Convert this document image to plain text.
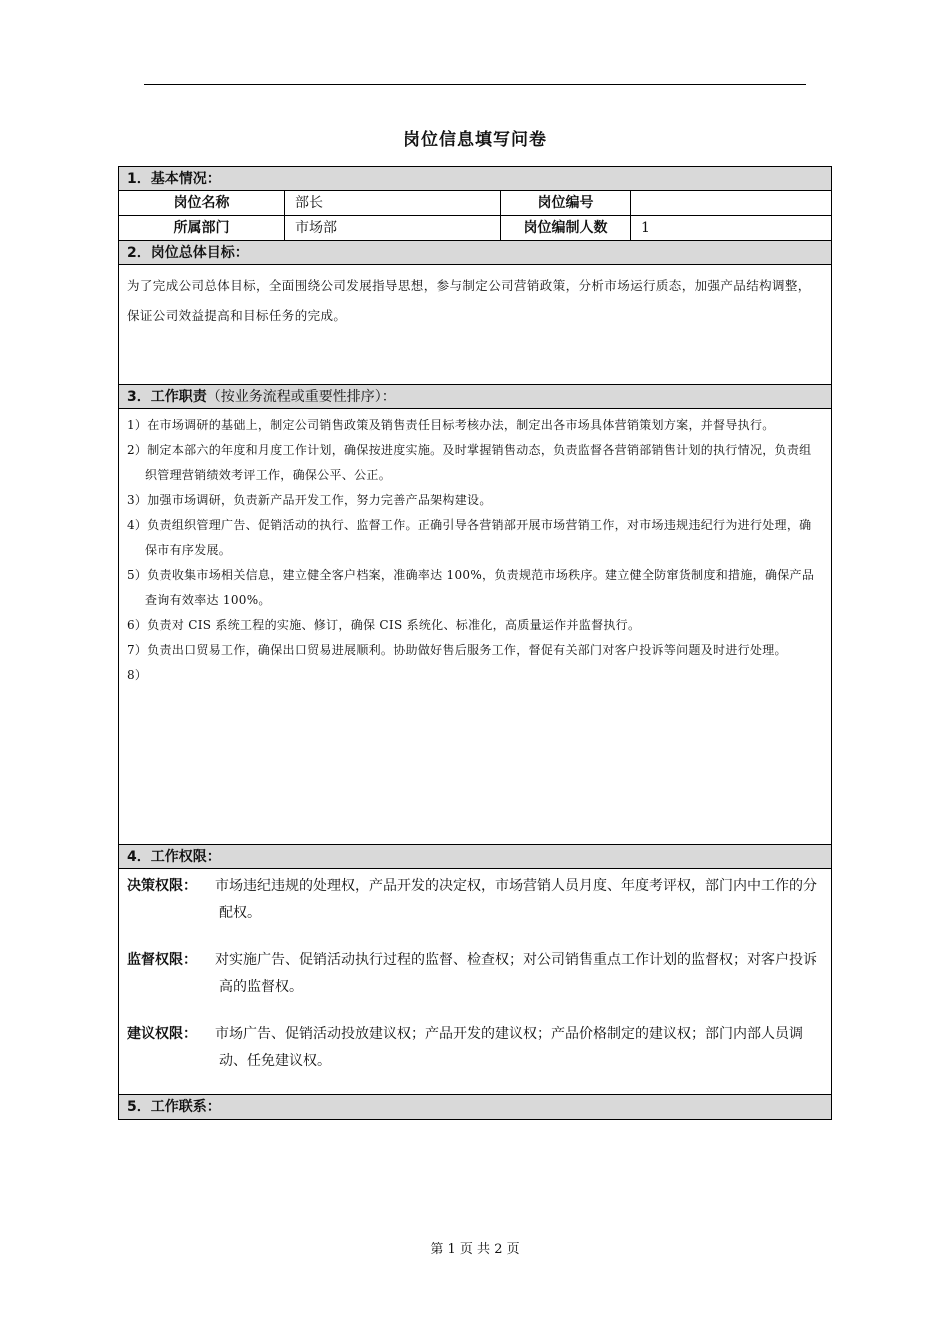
岗位信息填写问卷
1．基本情况：
岗位名称	部长	岗位编号
所属部门	市场部	岗位编制人数	1
2．岗位总体目标：
为了完成公司总体目标，全面围绕公司发展指导思想，参与制定公司营销政策，分析市场运行质态，加强产品结构调整，保证公司效益提高和目标任务的完成。
3．工作职责（按业务流程或重要性排序）：
1）在市场调研的基础上，制定公司销售政策及销售责任目标考核办法，制定出各市场具体营销策划方案，并督导执行。
2）制定本部六的年度和月度工作计划，确保按进度实施。及时掌握销售动态，负责监督各营销部销售计划的执行情况，负责组织管理营销绩效考评工作，确保公平、公正。
3）加强市场调研，负责新产品开发工作，努力完善产品架构建设。
4）负责组织管理广告、促销活动的执行、监督工作。正确引导各营销部开展市场营销工作，对市场违规违纪行为进行处理，确保市有序发展。
5）负责收集市场相关信息，建立健全客户档案，准确率达 100%，负责规范市场秩序。建立健全防窜货制度和措施，确保产品查询有效率达 100%。
6）负责对 CIS 系统工程的实施、修订，确保 CIS 系统化、标准化，高质量运作并监督执行。
7）负责出口贸易工作，确保出口贸易进展顺利。协助做好售后服务工作，督促有关部门对客户投诉等问题及时进行处理。
8）
4．工作权限：
决策权限：	市场违纪违规的处理权，产品开发的决定权，市场营销人员月度、年度考评权，部门内中工作的分配权。
监督权限：	对实施广告、促销活动执行过程的监督、检查权；对公司销售重点工作计划的监督权；对客户投诉高的监督权。
建议权限：	市场广告、促销活动投放建议权；产品开发的建议权；产品价格制定的建议权；部门内部人员调动、任免建议权。
5．工作联系：
第 1 页 共 2 页
